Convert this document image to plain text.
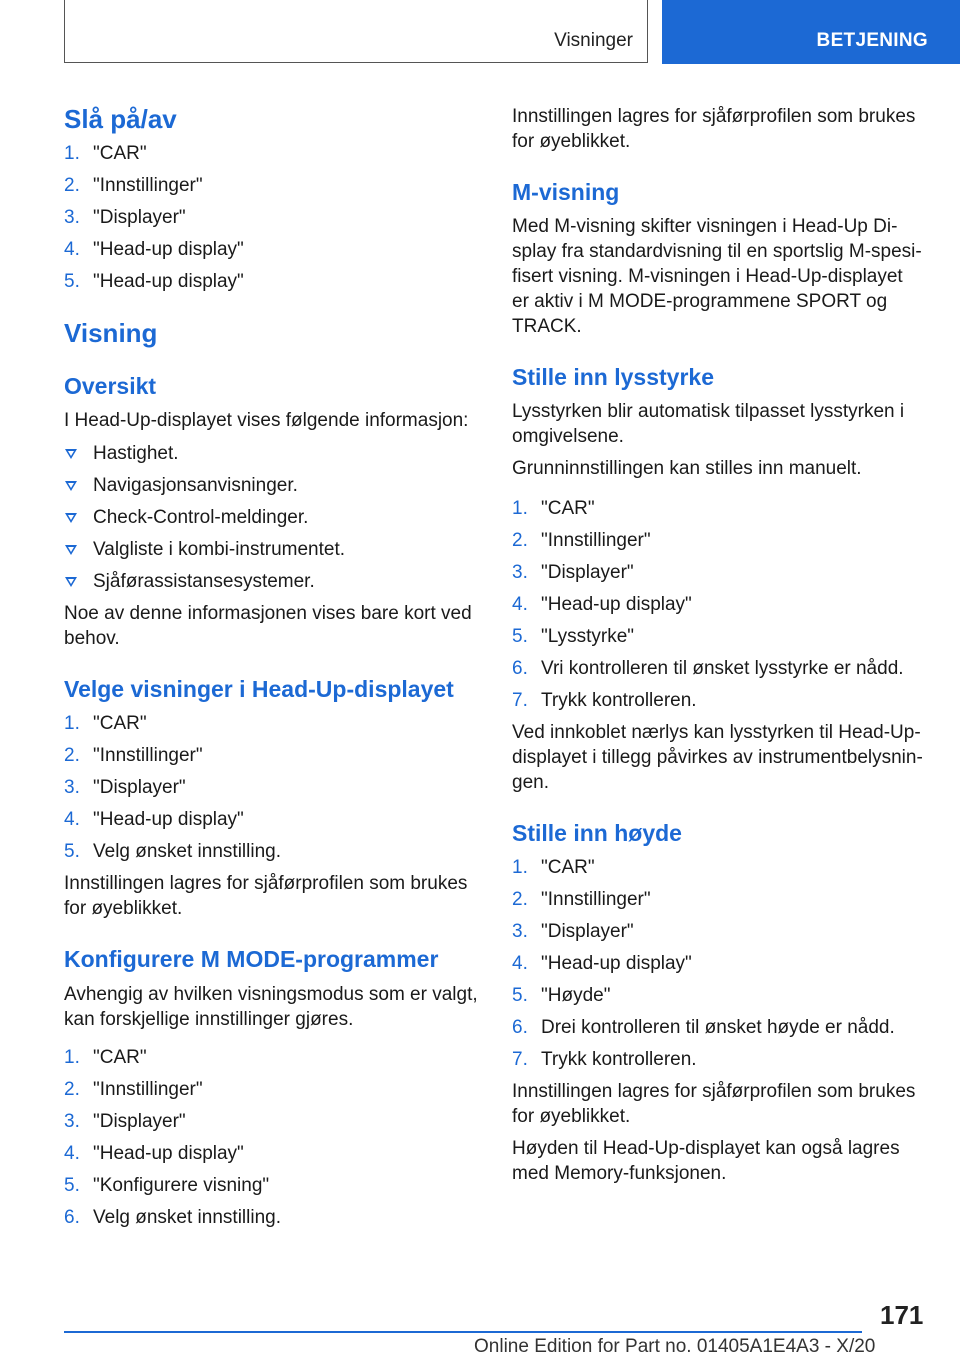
Visninger	BETJENING
Slå på/av
1. "CAR"
2. "Innstillinger"
3. "Displayer"
4. "Head-up display"
5. "Head-up display"
Visning
Oversikt

I Head-Up-displayet vises følgende informasjon:

Hastighet.
Navigasjonsanvisninger.
Check-Control-meldinger.
Valgliste i kombi-instrumentet.
Sjåførassistansesystemer.

Noe av denne informasjonen vises bare kort ved

behov.

Velge visninger i Head-Up-displayet
1. "CAR"
2. "Innstillinger"
3. "Displayer"
4. "Head-up display"
5. Velg ønsket innstilling.

Innstillingen lagres for sjåførprofilen som brukes

for øyeblikket.

Konfigurere M MODE-programmer

Avhengig av hvilken visningsmodus som er valgt,

kan forskjellige innstillinger gjøres.

1. "CAR"
2. "Innstillinger"
3. "Displayer"
4. "Head-up display"
5. "Konfigurere visning"
6. Velg ønsket innstilling.

Innstillingen lagres for sjåførprofilen som brukes

for øyeblikket.

M-visning

Med M-visning skifter visningen i Head-Up Di-

splay fra standardvisning til en sportslig M-spesi-

fisert visning. M-visningen i Head-Up-displayet

er aktiv i M MODE-programmene SPORT og

TRACK.

Stille inn lysstyrke

Lysstyrken blir automatisk tilpasset lysstyrken i

omgivelsene.

Grunninnstillingen kan stilles inn manuelt.

1. "CAR"
2. "Innstillinger"
3. "Displayer"
4. "Head-up display"
5. "Lysstyrke"
6. Vri kontrolleren til ønsket lysstyrke er nådd.
7. Trykk kontrolleren.

Ved innkoblet nærlys kan lysstyrken til Head-Up-

displayet i tillegg påvirkes av instrumentbelysnin-

gen.

Stille inn høyde
1. "CAR"
2. "Innstillinger"
3. "Displayer"
4. "Head-up display"
5. "Høyde"
6. Drei kontrolleren til ønsket høyde er nådd.
7. Trykk kontrolleren.

Innstillingen lagres for sjåførprofilen som brukes

for øyeblikket.

Høyden til Head-Up-displayet kan også lagres

med Memory-funksjonen.

171
Online Edition for Part no. 01405A1E4A3 - X/20
